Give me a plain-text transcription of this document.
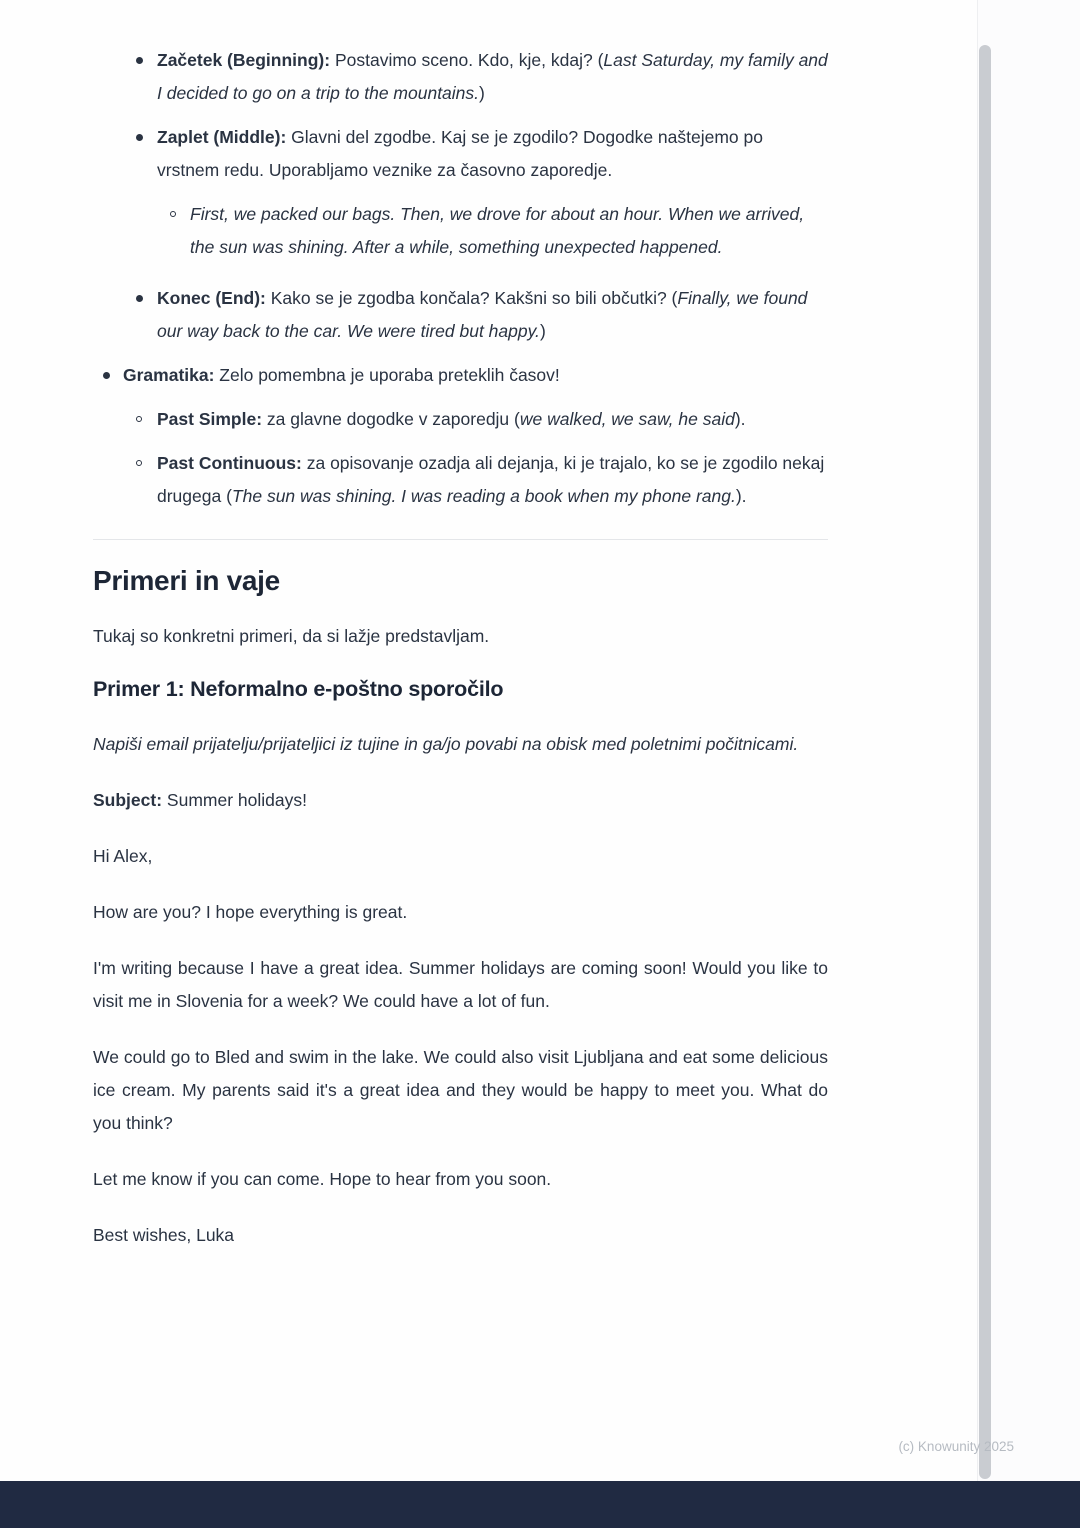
Začetek (Beginning): Postavimo sceno. Kdo, kje, kdaj? (Last Saturday, my family and I decided to go on a trip to the mountains.)
Zaplet (Middle): Glavni del zgodbe. Kaj se je zgodilo? Dogodke naštejemo po vrstnem redu. Uporabljamo veznike za časovno zaporedje.
First, we packed our bags. Then, we drove for about an hour. When we arrived, the sun was shining. After a while, something unexpected happened.
Konec (End): Kako se je zgodba končala? Kakšni so bili občutki? (Finally, we found our way back to the car. We were tired but happy.)
Gramatika: Zelo pomembna je uporaba preteklih časov!
Past Simple: za glavne dogodke v zaporedju (we walked, we saw, he said).
Past Continuous: za opisovanje ozadja ali dejanja, ki je trajalo, ko se je zgodilo nekaj drugega (The sun was shining. I was reading a book when my phone rang.).
Primeri in vaje

Tukaj so konkretni primeri, da si lažje predstavljam.

Primer 1: Neformalno e-poštno sporočilo

Napiši email prijatelju/prijateljici iz tujine in ga/jo povabi na obisk med poletnimi počitnicami.

Subject: Summer holidays!

Hi Alex,

How are you? I hope everything is great.

I'm writing because I have a great idea. Summer holidays are coming soon! Would you like to visit me in Slovenia for a week? We could have a lot of fun.

We could go to Bled and swim in the lake. We could also visit Ljubljana and eat some delicious ice cream. My parents said it's a great idea and they would be happy to meet you. What do you think?

Let me know if you can come. Hope to hear from you soon.

Best wishes, Luka

(c) Knowunity 2025
